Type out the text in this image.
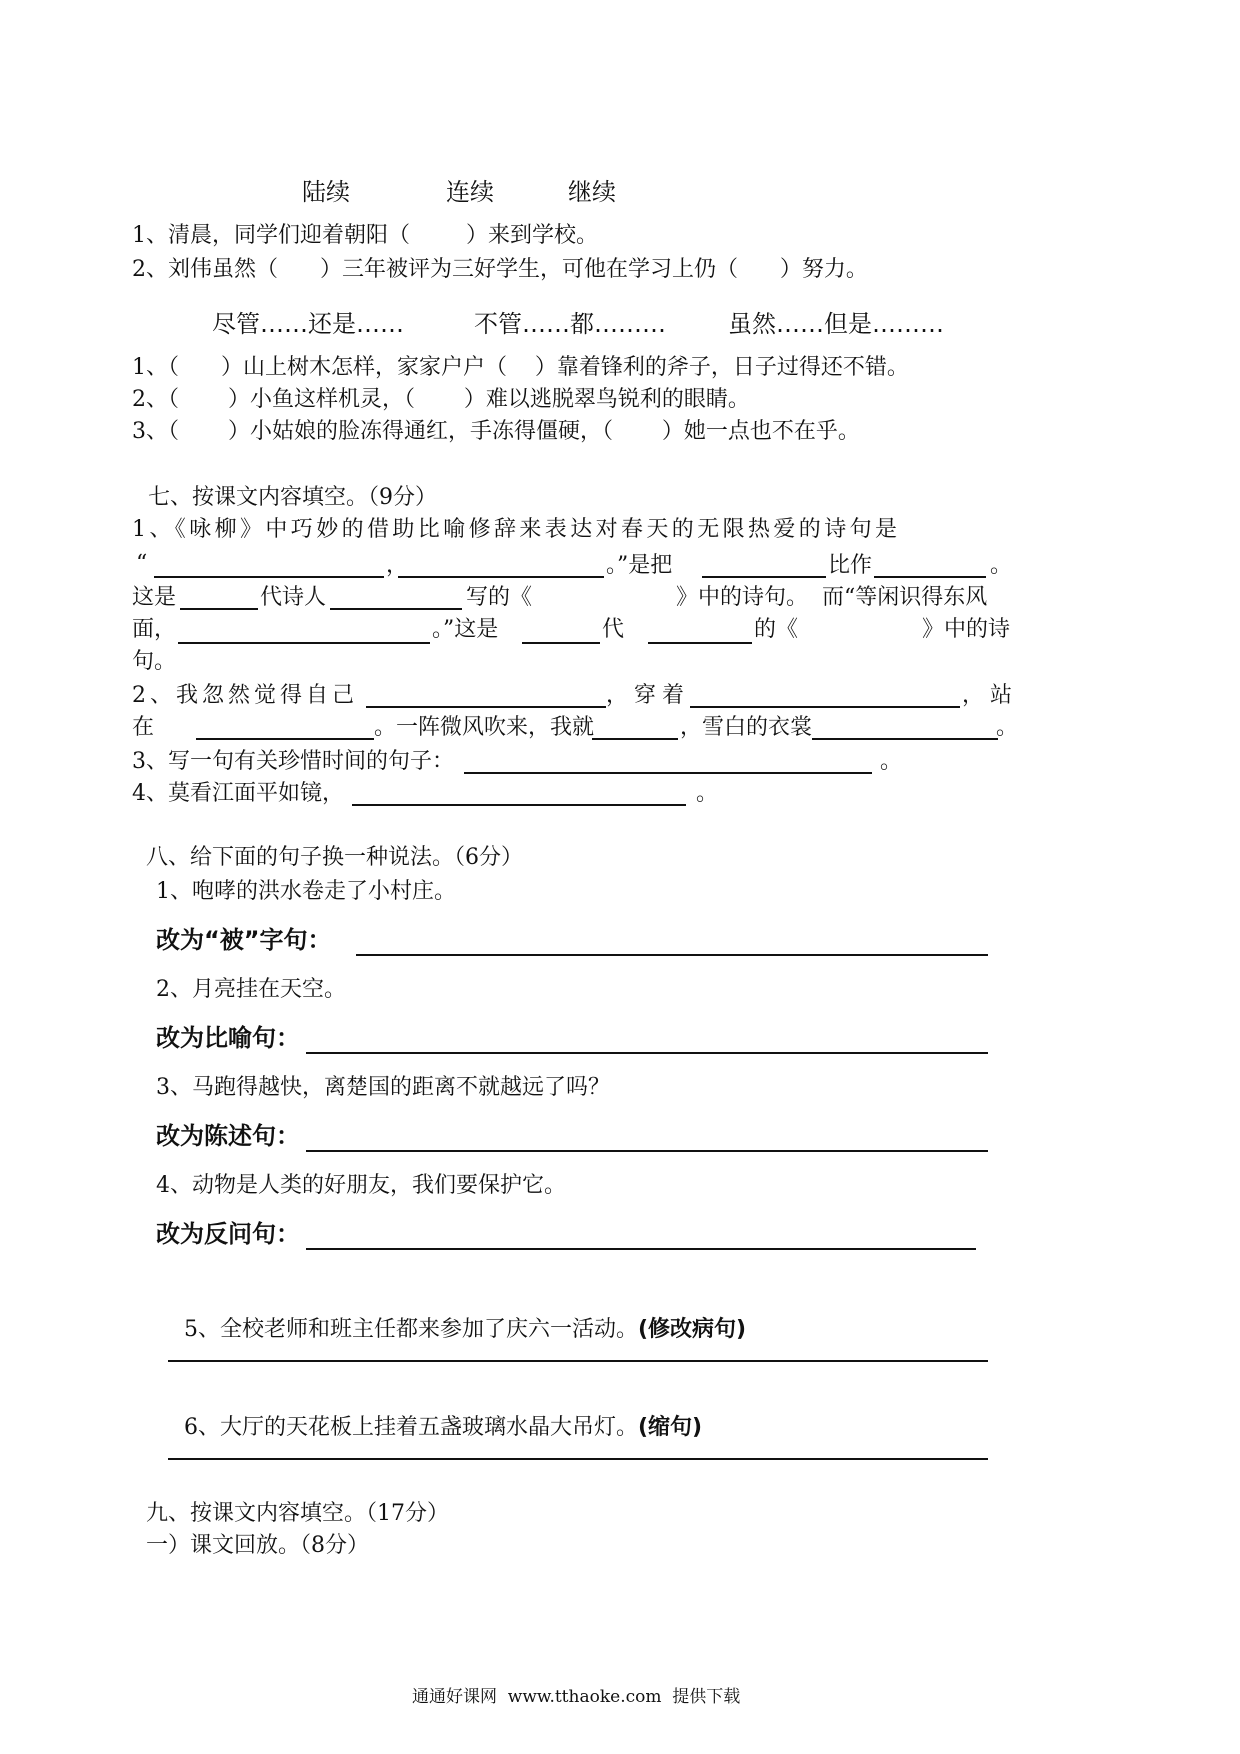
陆续	连续	继续
1、清晨，同学们迎着朝阳（        ）来到学校。
2、刘伟虽然（      ）三年被评为三好学生，可他在学习上仍（      ）努力。
尽管……还是……	不管……都………	虽然……但是………
1、（      ）山上树木怎样，家家户户（    ）靠着锋利的斧子，日子过得还不错。
2、（       ）小鱼这样机灵，（       ）难以逃脱翠鸟锐利的眼睛。
3、（       ）小姑娘的脸冻得通红，手冻得僵硬，（       ）她一点也不在乎。
七、按课文内容填空。（9分）
1、《咏柳》中巧妙的借助比喻修辞来表达对春天的无限热爱的诗句是
“	，	。”是把	比作	。
这是	代诗人	写的《	》中的诗句。  而“等闲识得东风
面，	。”这是	代	的《	》中的诗
句。
2、我忽然觉得自己	，穿着	，站
在	。一阵微风吹来，我就	，雪白的衣裳	。
3、写一句有关珍惜时间的句子：	。
4、莫看江面平如镜，	。
八、给下面的句子换一种说法。（6分）
1、咆哮的洪水卷走了小村庄。
改为“被”字句：
2、月亮挂在天空。
改为比喻句：
3、马跑得越快，离楚国的距离不就越远了吗？
改为陈述句：
4、动物是人类的好朋友，我们要保护它。
改为反问句：

5、全校老师和班主任都来参加了庆六一活动。(修改病句)

6、大厅的天花板上挂着五盏玻璃水晶大吊灯。(缩句)

九、按课文内容填空。（17分）
一）课文回放。（8分）
通通好课网  www.tthaoke.com  提供下载
